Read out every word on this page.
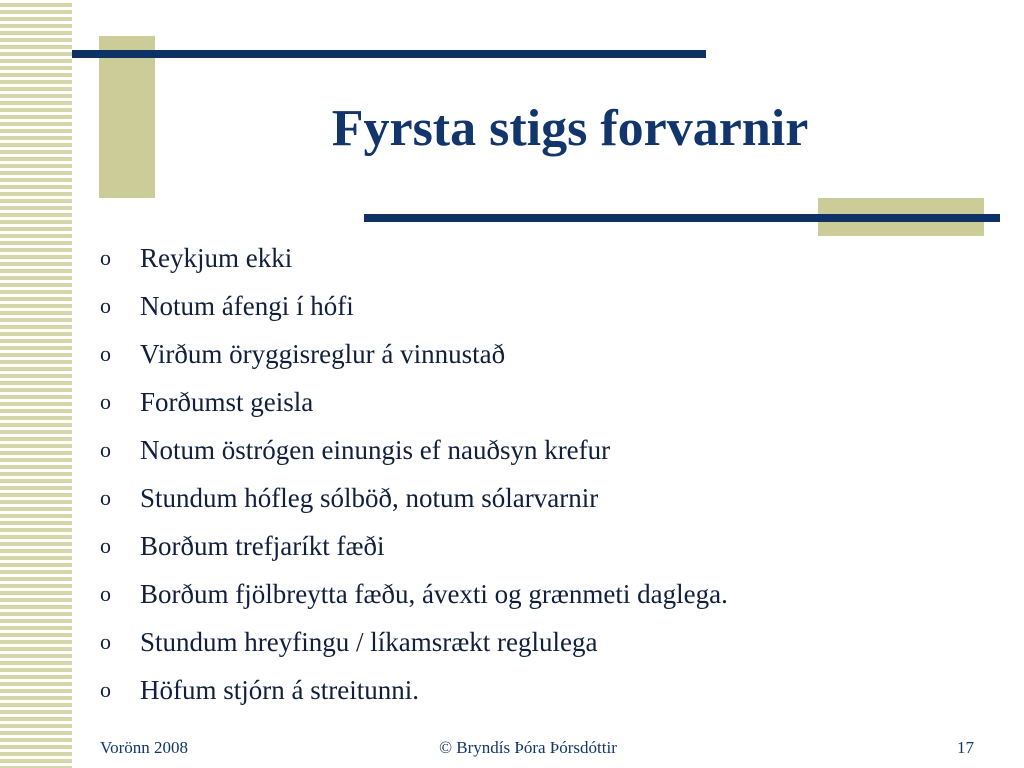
Fyrsta stigs forvarnir
o	Reykjum ekki
o	Notum áfengi í hófi
o	Virðum öryggisreglur á vinnustað
o	Forðumst geisla
o	Notum östrógen einungis ef nauðsyn krefur
o	Stundum hófleg sólböð, notum sólarvarnir
o	Borðum trefjaríkt fæði
o	Borðum fjölbreytta fæðu, ávexti og grænmeti daglega.
o	Stundum hreyfingu / líkamsrækt reglulega
o	Höfum stjórn á streitunni.
Vorönn 2008	© Bryndís Þóra Þórsdóttir	17
